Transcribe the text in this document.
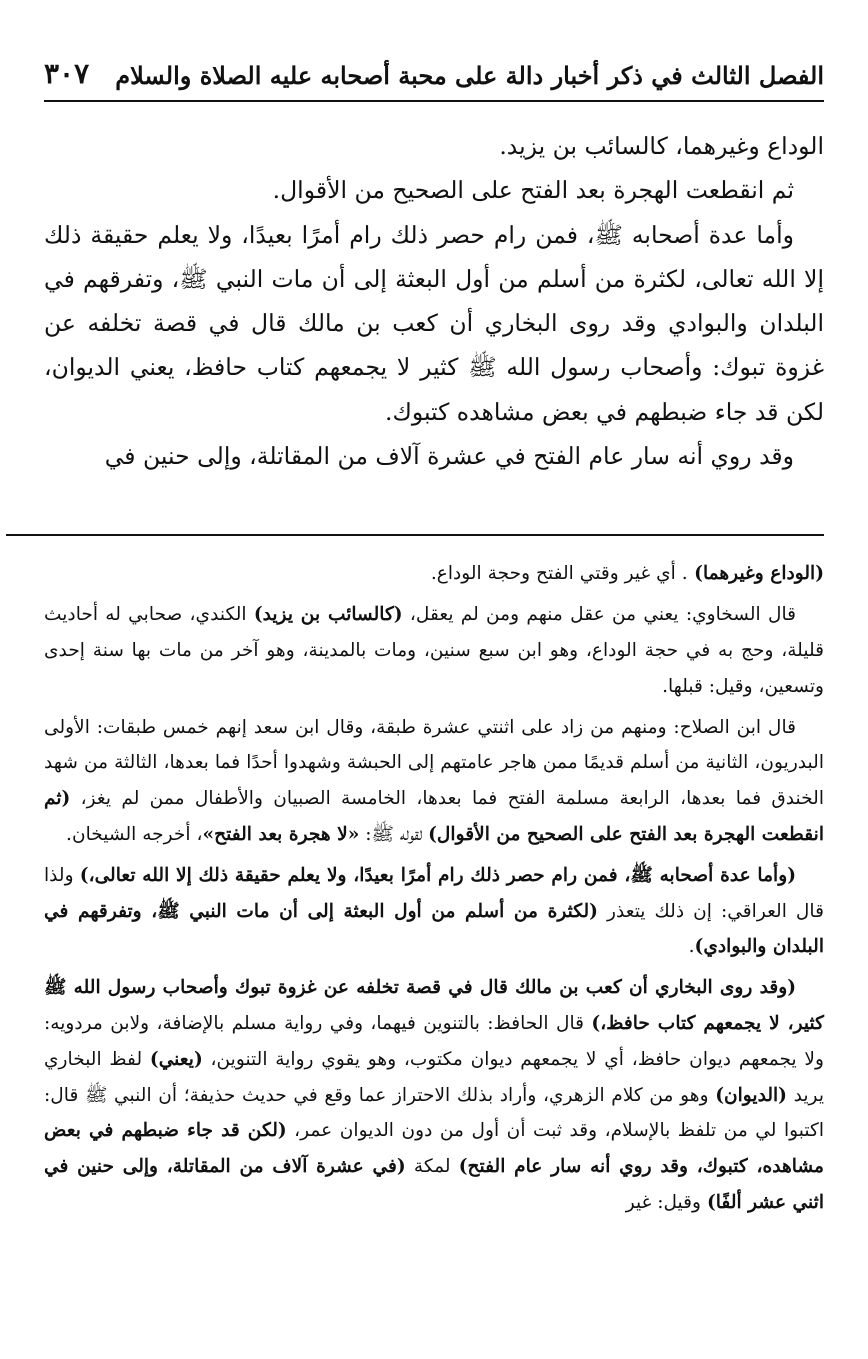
الفصل الثالث في ذكر أخبار دالة على محبة أصحابه عليه الصلاة والسلام
٣٠٧

الوداع وغيرهما، كالسائب بن يزيد.

ثم انقطعت الهجرة بعد الفتح على الصحيح من الأقوال.

وأما عدة أصحابه ﷺ، فمن رام حصر ذلك رام أمرًا بعيدًا، ولا يعلم حقيقة ذلك إلا الله تعالى، لكثرة من أسلم من أول البعثة إلى أن مات النبي ﷺ، وتفرقهم في البلدان والبوادي وقد روى البخاري أن كعب بن مالك قال في قصة تخلفه عن غزوة تبوك: وأصحاب رسول الله ﷺ كثير لا يجمعهم كتاب حافظ، يعني الديوان، لكن قد جاء ضبطهم في بعض مشاهده كتبوك.

وقد روي أنه سار عام الفتح في عشرة آلاف من المقاتلة، وإلى حنين في

(الوداع وغيرهما) . أي غير وقتي الفتح وحجة الوداع.

قال السخاوي: يعني من عقل منهم ومن لم يعقل، (كالسائب بن يزيد) الكندي، صحابي له أحاديث قليلة، وحج به في حجة الوداع، وهو ابن سبع سنين، ومات بالمدينة، وهو آخر من مات بها سنة إحدى وتسعين، وقيل: قبلها.

قال ابن الصلاح: ومنهم من زاد على اثنتي عشرة طبقة، وقال ابن سعد إنهم خمس طبقات: الأولى البدريون، الثانية من أسلم قديمًا ممن هاجر عامتهم إلى الحبشة وشهدوا أحدًا فما بعدها، الثالثة من شهد الخندق فما بعدها، الرابعة مسلمة الفتح فما بعدها، الخامسة الصبيان والأطفال ممن لم يغز، (ثم انقطعت الهجرة بعد الفتح على الصحيح من الأقوال) لقوله ﷺ: «لا هجرة بعد الفتح»، أخرجه الشيخان.

(وأما عدة أصحابه ﷺ، فمن رام حصر ذلك رام أمرًا بعيدًا، ولا يعلم حقيقة ذلك إلا الله تعالى،) ولذا قال العراقي: إن ذلك يتعذر (لكثرة من أسلم من أول البعثة إلى أن مات النبي ﷺ، وتفرقهم في البلدان والبوادي).

(وقد روى البخاري أن كعب بن مالك قال في قصة تخلفه عن غزوة تبوك وأصحاب رسول الله ﷺ كثير، لا يجمعهم كتاب حافظ،) قال الحافظ: بالتنوين فيهما، وفي رواية مسلم بالإضافة، ولابن مردويه: ولا يجمعهم ديوان حافظ، أي لا يجمعهم ديوان مكتوب، وهو يقوي رواية التنوين، (يعني) لفظ البخاري يريد (الديوان) وهو من كلام الزهري، وأراد بذلك الاحتراز عما وقع في حديث حذيفة؛ أن النبي ﷺ قال: اكتبوا لي من تلفظ بالإسلام، وقد ثبت أن أول من دون الديوان عمر، (لكن قد جاء ضبطهم في بعض مشاهده، كتبوك، وقد روي أنه سار عام الفتح) لمكة (في عشرة آلاف من المقاتلة، وإلى حنين في اثني عشر ألفًا) وقيل: غير
